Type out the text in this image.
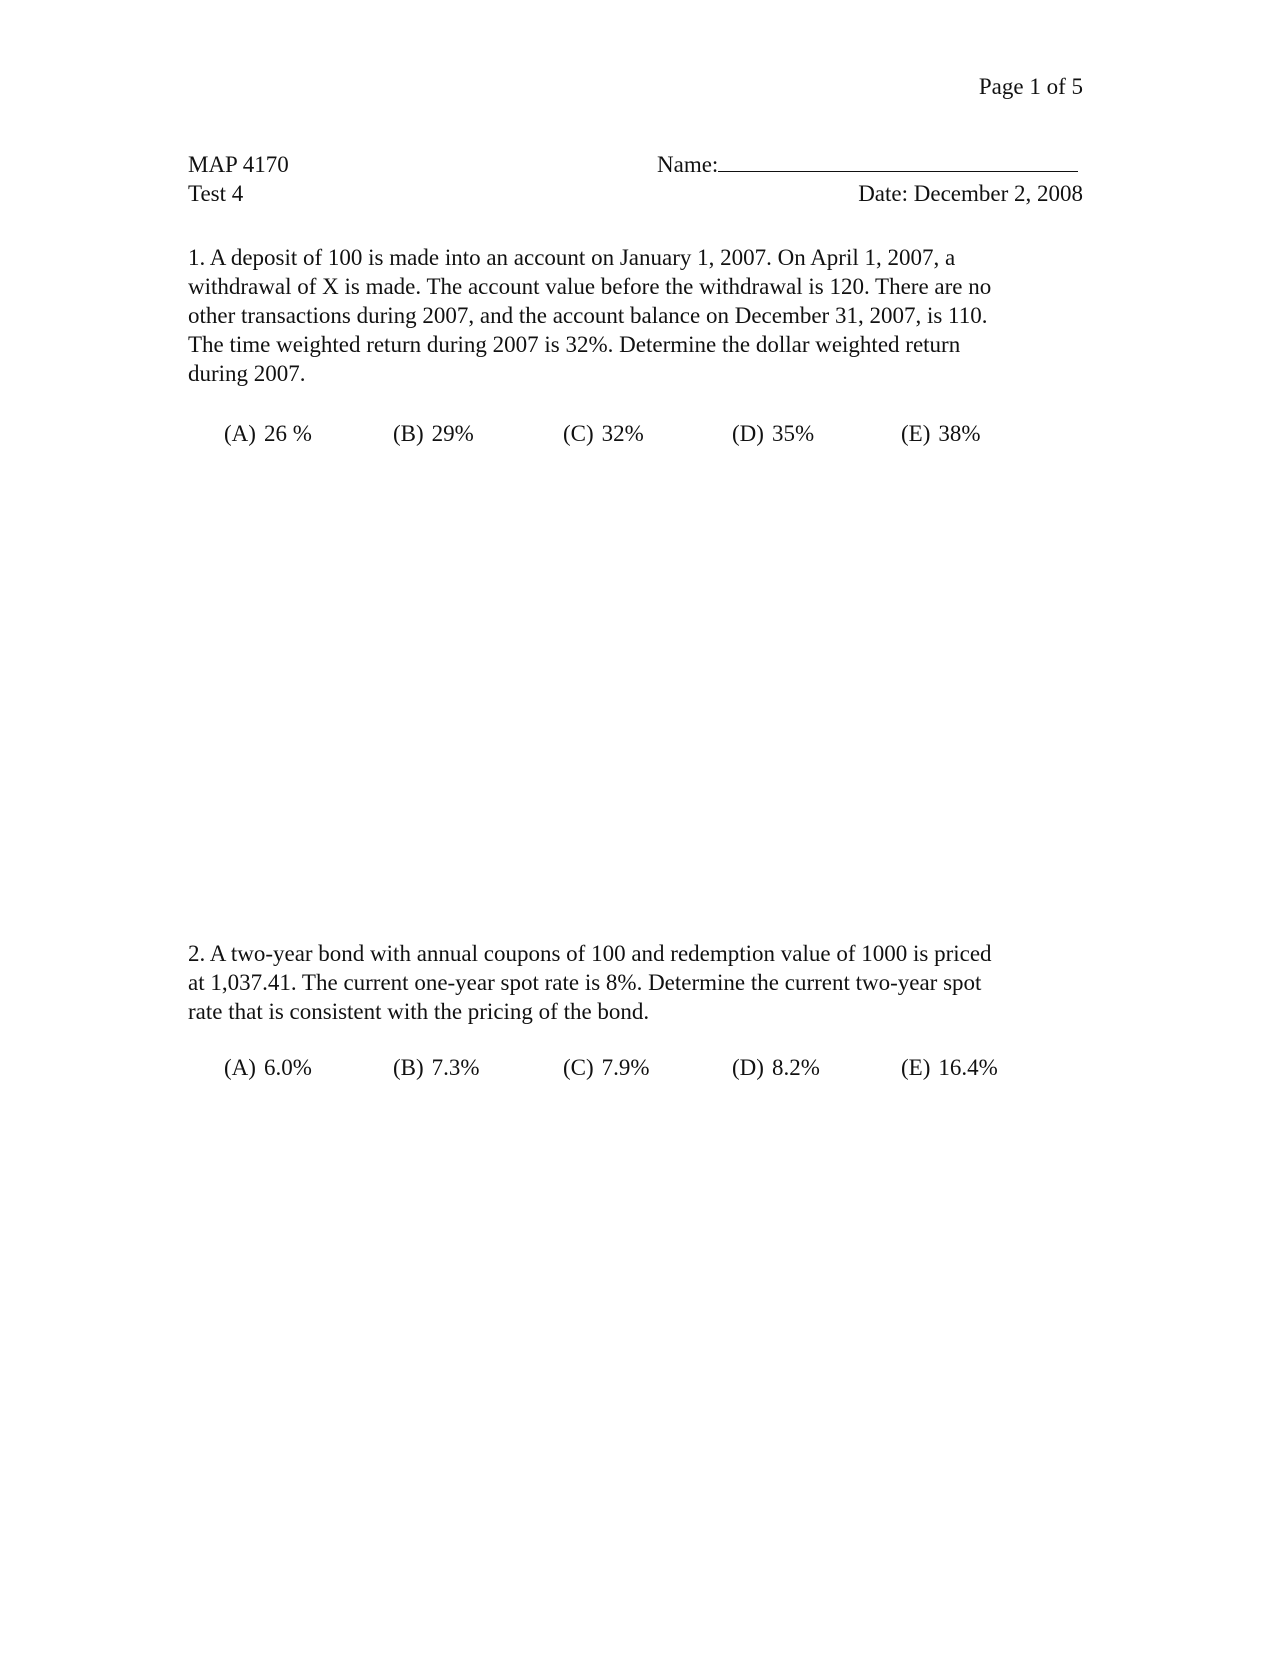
Page 1 of 5
MAP 4170
Test 4
Name:
Date: December 2, 2008

1. A deposit of 100 is made into an account on January 1, 2007. On April 1, 2007, a

withdrawal of X is made. The account value before the withdrawal is 120. There are no

other transactions during 2007, and the account balance on December 31, 2007, is 110.

The time weighted return during 2007 is 32%. Determine the dollar weighted return

during 2007.

(A) 26 %	(B) 29%	(C) 32%	(D) 35%	(E) 38%

2. A two-year bond with annual coupons of 100 and redemption value of 1000 is priced

at 1,037.41. The current one-year spot rate is 8%. Determine the current two-year spot

rate that is consistent with the pricing of the bond.

(A) 6.0%	(B) 7.3%	(C) 7.9%	(D) 8.2%	(E) 16.4%
